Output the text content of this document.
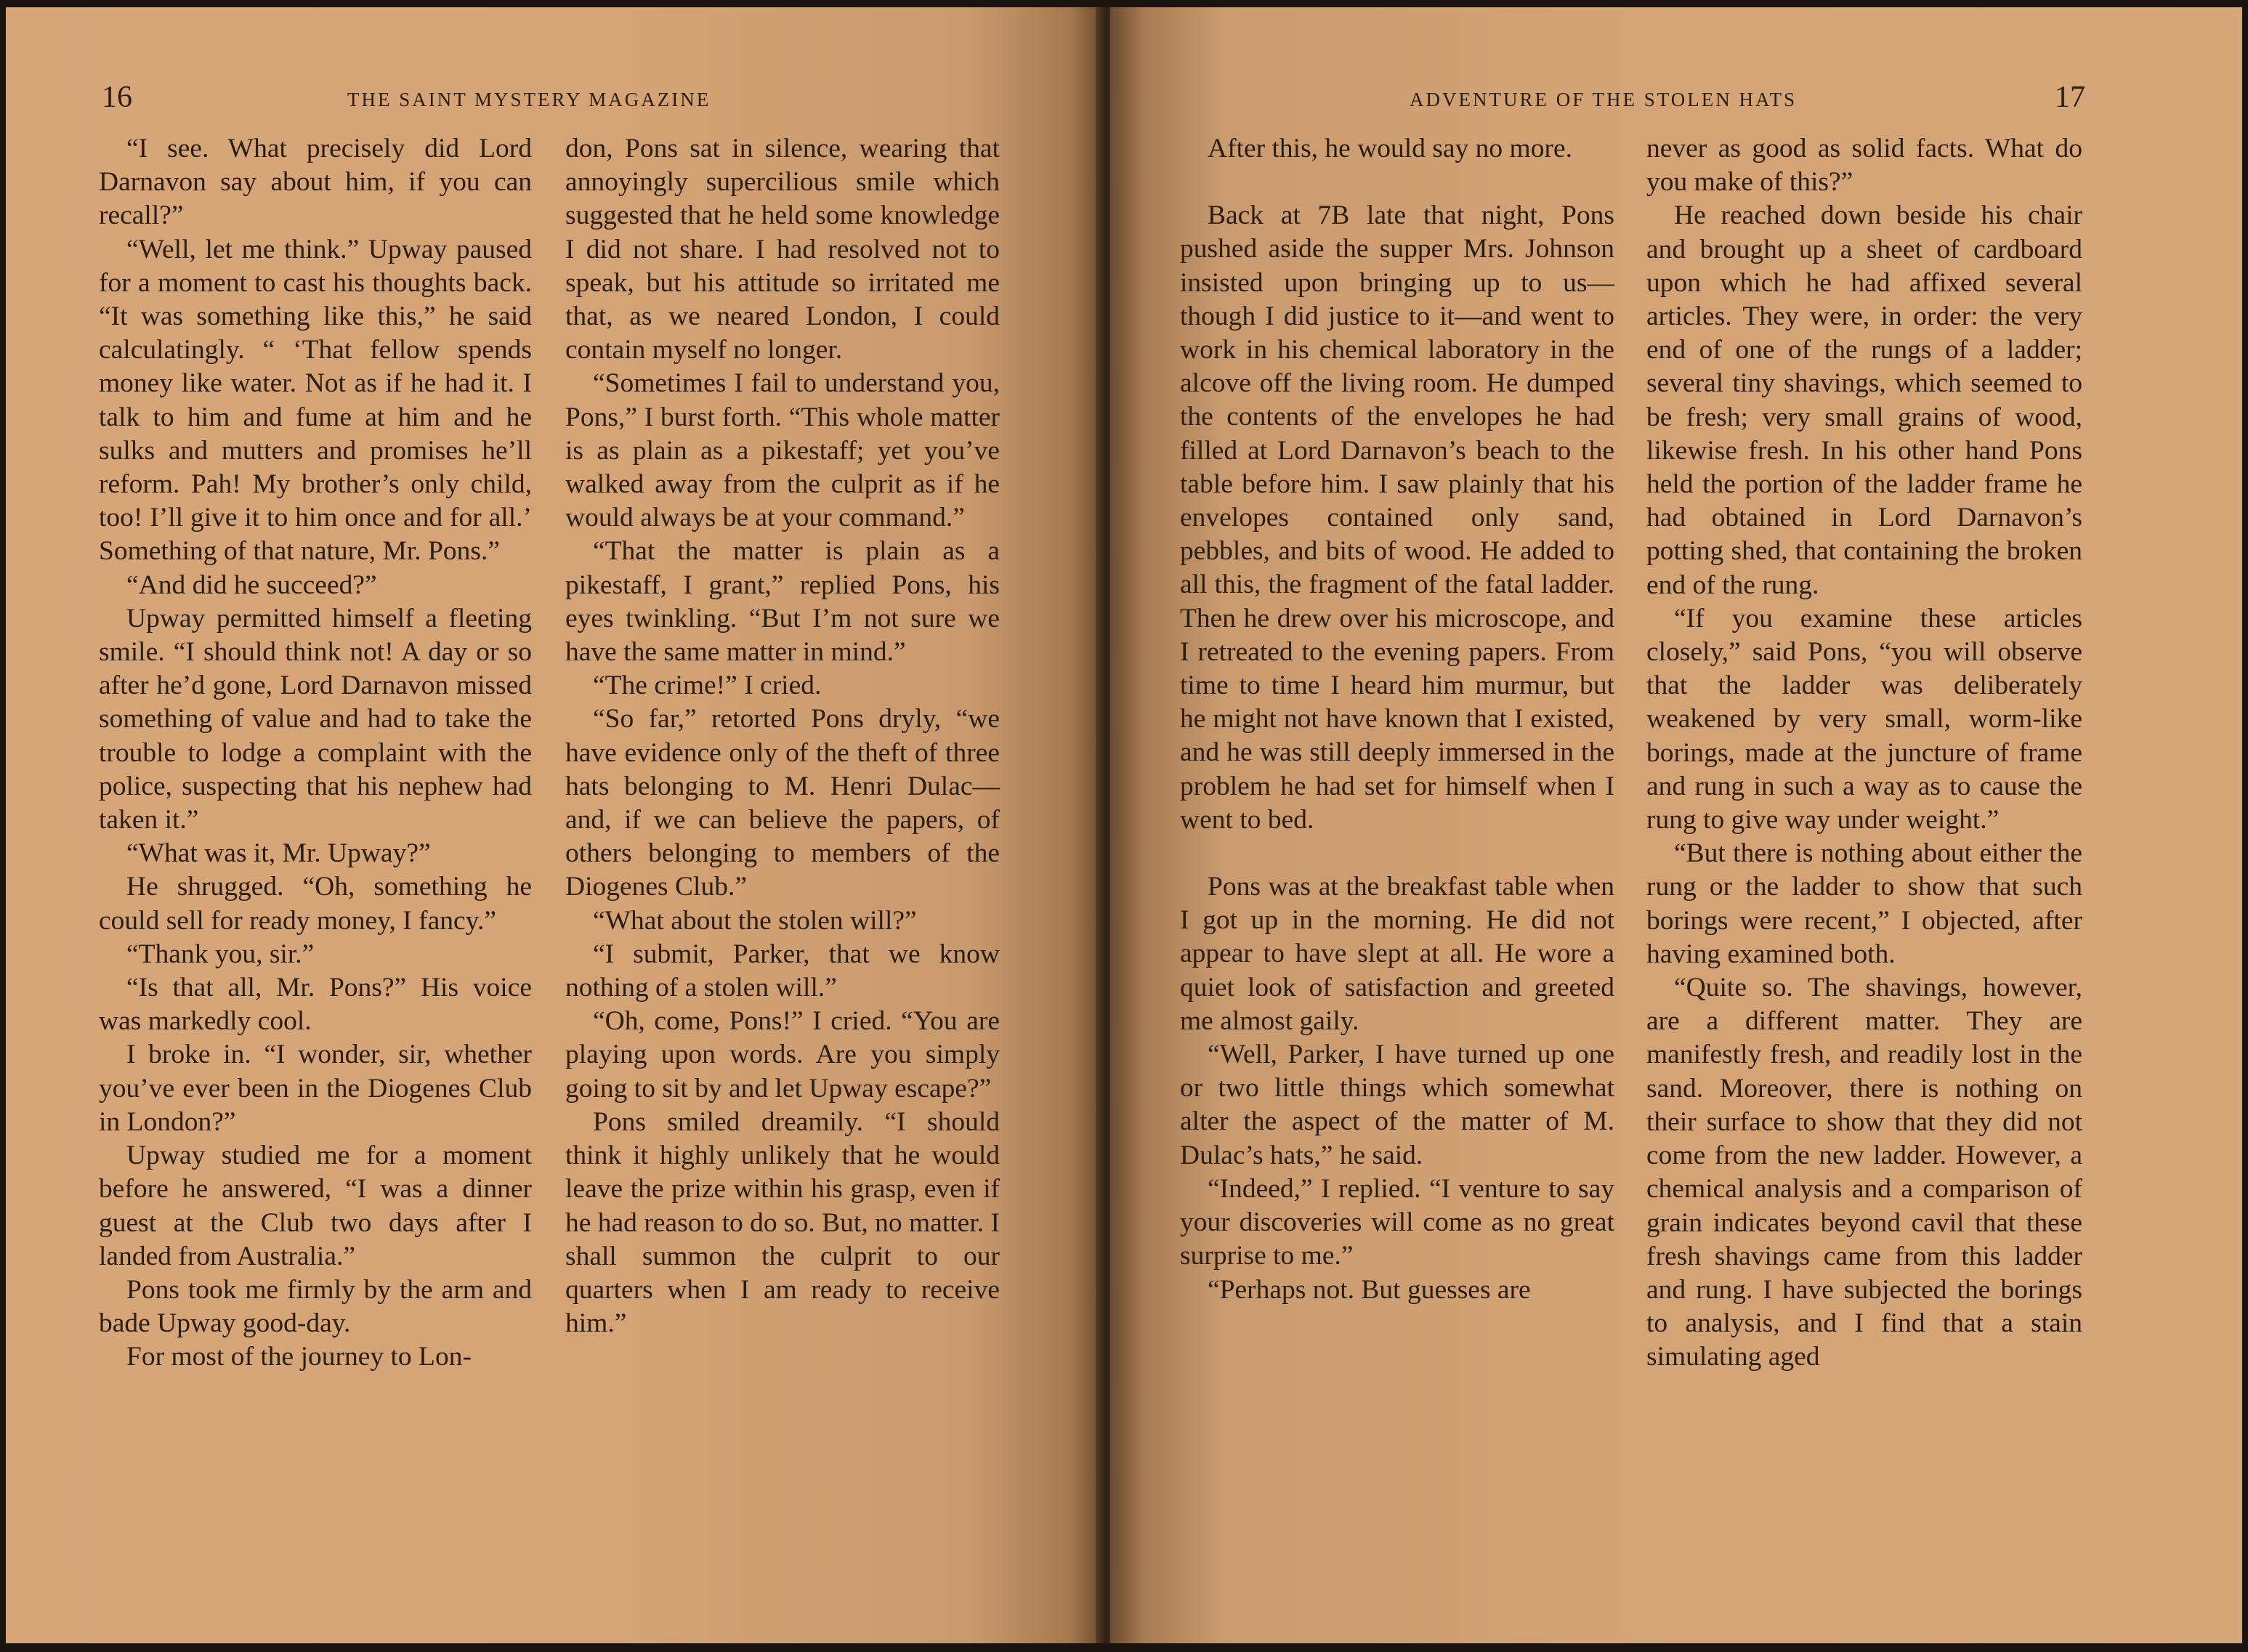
16	THE SAINT MYSTERY MAGAZINE

“I see. What precisely did Lord Darnavon say about him, if you can recall?”

“Well, let me think.” Upway paused for a moment to cast his thoughts back. “It was something like this,” he said calculatingly. “ ‘That fellow spends money like water. Not as if he had it. I talk to him and fume at him and he sulks and mutters and promises he’ll reform. Pah! My brother’s only child, too! I’ll give it to him once and for all.’ Something of that nature, Mr. Pons.”

“And did he succeed?”

Upway permitted himself a fleeting smile. “I should think not! A day or so after he’d gone, Lord Darnavon missed something of value and had to take the trouble to lodge a complaint with the police, suspecting that his nephew had taken it.”

“What was it, Mr. Upway?”

He shrugged. “Oh, something he could sell for ready money, I fancy.”

“Thank you, sir.”

“Is that all, Mr. Pons?” His voice was markedly cool.

I broke in. “I wonder, sir, whether you’ve ever been in the Diogenes Club in London?”

Upway studied me for a moment before he answered, “I was a dinner guest at the Club two days after I landed from Australia.”

Pons took me firmly by the arm and bade Upway good-day.

For most of the journey to Lon-

don, Pons sat in silence, wearing that annoyingly supercilious smile which suggested that he held some knowledge I did not share. I had resolved not to speak, but his attitude so irritated me that, as we neared London, I could contain myself no longer.

“Sometimes I fail to understand you, Pons,” I burst forth. “This whole matter is as plain as a pikestaff; yet you’ve walked away from the culprit as if he would always be at your command.”

“That the matter is plain as a pikestaff, I grant,” replied Pons, his eyes twinkling. “But I’m not sure we have the same matter in mind.”

“The crime!” I cried.

“So far,” retorted Pons dryly, “we have evidence only of the theft of three hats belonging to M. Henri Dulac—and, if we can believe the papers, of others belonging to members of the Diogenes Club.”

“What about the stolen will?”

“I submit, Parker, that we know nothing of a stolen will.”

“Oh, come, Pons!” I cried. “You are playing upon words. Are you simply going to sit by and let Upway escape?”

Pons smiled dreamily. “I should think it highly unlikely that he would leave the prize within his grasp, even if he had reason to do so. But, no matter. I shall summon the culprit to our quarters when I am ready to receive him.”

ADVENTURE OF THE STOLEN HATS	17

After this, he would say no more.

Back at 7B late that night, Pons pushed aside the supper Mrs. Johnson insisted upon bringing up to us—though I did justice to it—and went to work in his chemical laboratory in the alcove off the living room. He dumped the contents of the envelopes he had filled at Lord Darnavon’s beach to the table before him. I saw plainly that his envelopes contained only sand, pebbles, and bits of wood. He added to all this, the fragment of the fatal ladder. Then he drew over his microscope, and I retreated to the evening papers. From time to time I heard him murmur, but he might not have known that I existed, and he was still deeply immersed in the problem he had set for himself when I went to bed.

Pons was at the breakfast table when I got up in the morning. He did not appear to have slept at all. He wore a quiet look of satisfaction and greeted me almost gaily.

“Well, Parker, I have turned up one or two little things which somewhat alter the aspect of the matter of M. Dulac’s hats,” he said.

“Indeed,” I replied. “I venture to say your discoveries will come as no great surprise to me.”

“Perhaps not. But guesses are

never as good as solid facts. What do you make of this?”

He reached down beside his chair and brought up a sheet of cardboard upon which he had affixed several articles. They were, in order: the very end of one of the rungs of a ladder; several tiny shavings, which seemed to be fresh; very small grains of wood, likewise fresh. In his other hand Pons held the portion of the ladder frame he had obtained in Lord Darnavon’s potting shed, that containing the broken end of the rung.

“If you examine these articles closely,” said Pons, “you will observe that the ladder was deliberately weakened by very small, worm-like borings, made at the juncture of frame and rung in such a way as to cause the rung to give way under weight.”

“But there is nothing about either the rung or the ladder to show that such borings were recent,” I objected, after having examined both.

“Quite so. The shavings, however, are a different matter. They are manifestly fresh, and readily lost in the sand. Moreover, there is nothing on their surface to show that they did not come from the new ladder. However, a chemical analysis and a comparison of grain indicates beyond cavil that these fresh shavings came from this ladder and rung. I have subjected the borings to analysis, and I find that a stain simulating aged
